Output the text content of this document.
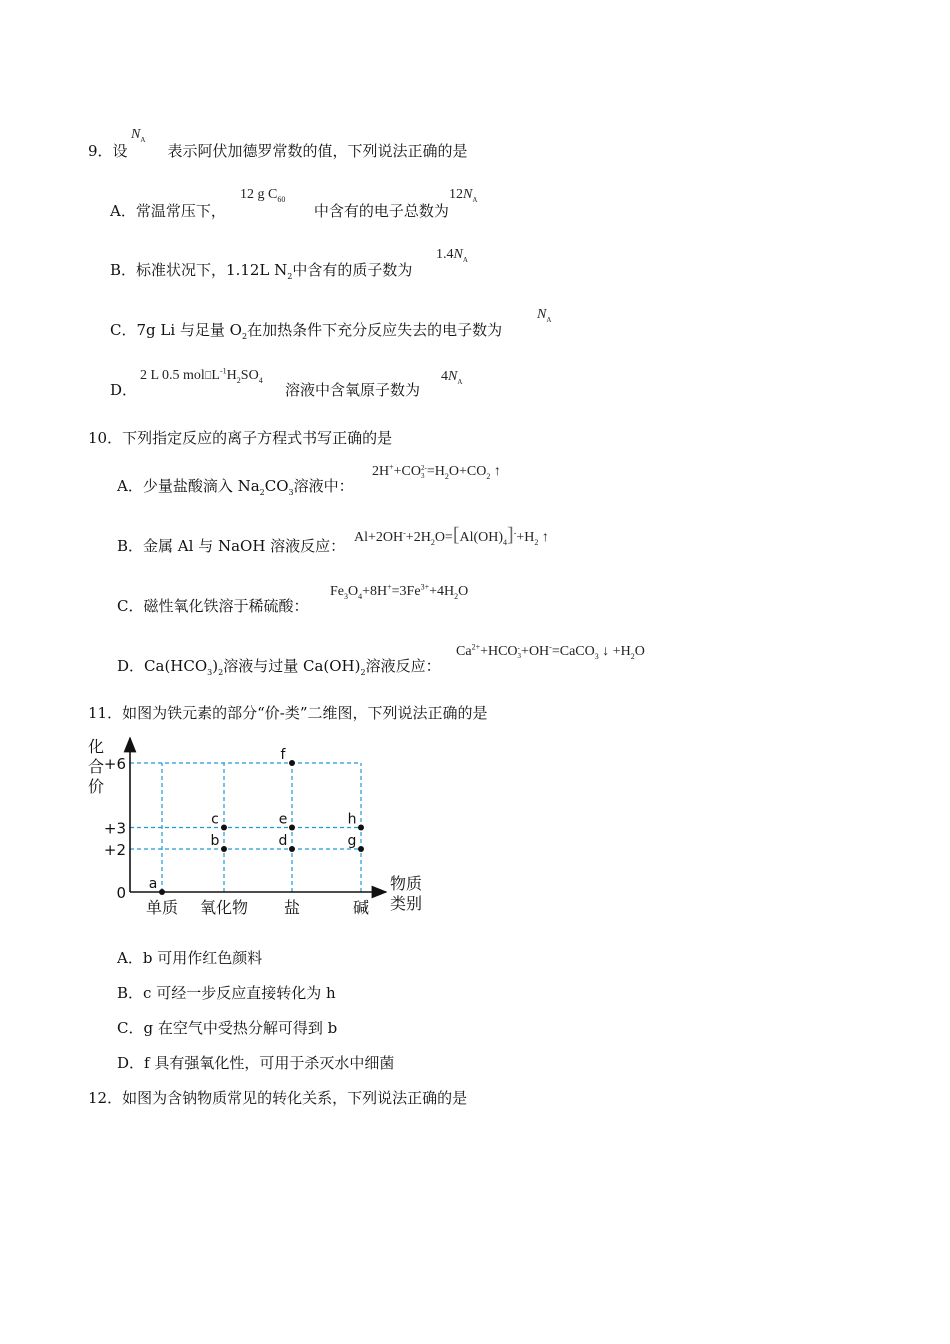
9．设	表示阿伏加德罗常数的值，下列说法正确的是
$N_A$
A．常温常压下，	中含有的电子总数为
12 g $C_{60}$	$12N_A$
B．标准状况下，1.12L $N_2$中含有的质子数为
$1.4N_A$
C．7g Li 与足量 $O_2$在加热条件下充分反应失去的电子数为
$N_A$
D．	溶液中含氧原子数为
2 L 0.5 $mol⎕L^{-1}H_2SO_4$	$4N_A$
10．下列指定反应的离子方程式书写正确的是
A．少量盐酸滴入 $Na_2CO_3$溶液中：
2H++CO 2-
$3 =H_2O+CO_2$ ↑
B．金属 Al 与 NaOH 溶液反应： $Al+2OH^-+2H_2O=[Al(OH)_4]^-+H_2$ ↑
C．磁性氧化铁溶于稀硫酸：
$Fe_3O_4+8H^+=3Fe^{3+}+4H_2O$
D．$Ca(HCO_3)_2$溶液与过量 $Ca(OH)_2$溶液反应：
$Ca^{2+}+HCO$ -
3 +OH-=CaCO$_3$ ↓ $+H_2O$
11．如图为铁元素的部分“价-类”二维图，下列说法正确的是
化
合
价
物质
类别
+6
+3
+2
0
单质 氧化物 盐	碱
a
b
c
d
e
f
g
h
A．b 可用作红色颜料
B．c 可经一步反应直接转化为 h
C．g 在空气中受热分解可得到 b
D．f 具有强氧化性，可用于杀灭水中细菌
12．如图为含钠物质常见的转化关系，下列说法正确的是
